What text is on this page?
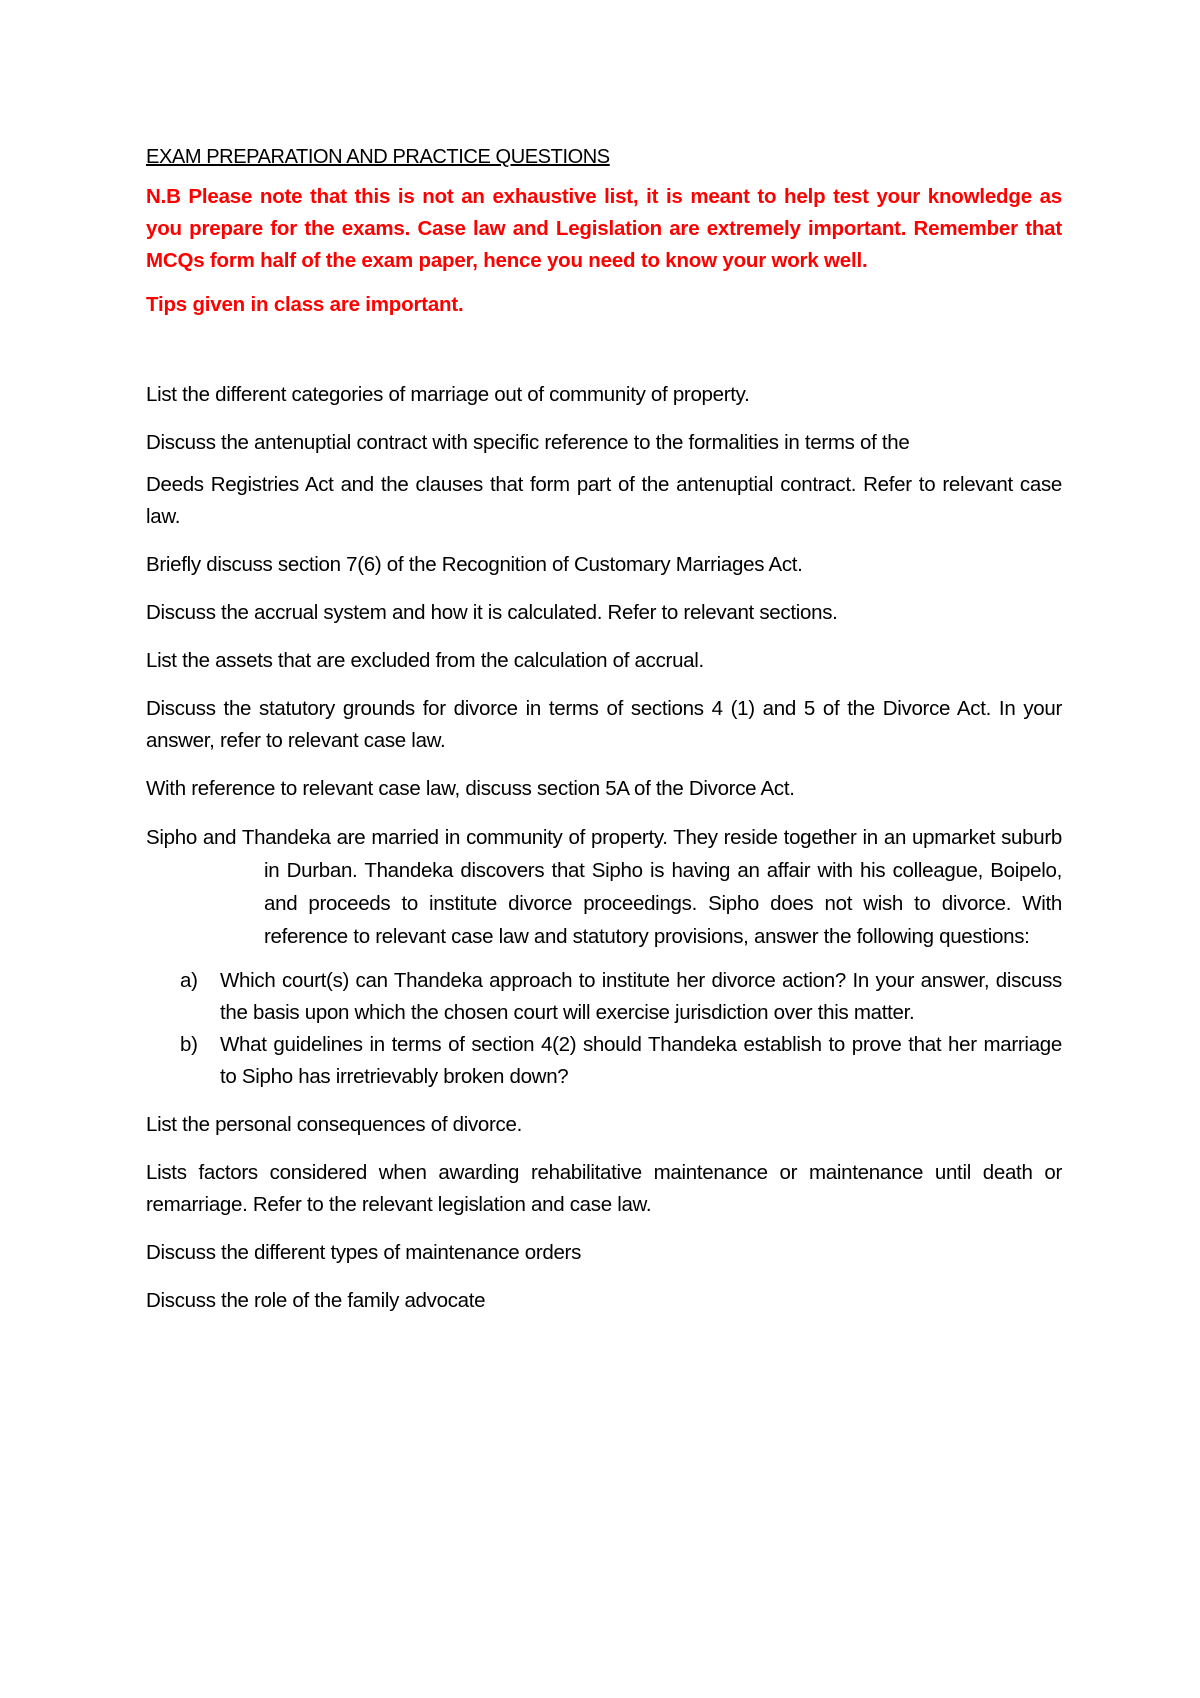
EXAM PREPARATION AND PRACTICE QUESTIONS

N.B Please note that this is not an exhaustive list, it is meant to help test your knowledge as you prepare for the exams. Case law and Legislation are extremely important. Remember that MCQs form half of the exam paper, hence you need to know your work well.

Tips given in class are important.

List the different categories of marriage out of community of property.

Discuss the antenuptial contract with specific reference to the formalities in terms of the

Deeds Registries Act and the clauses that form part of the antenuptial contract. Refer to relevant case law.

Briefly discuss section 7(6) of the Recognition of Customary Marriages Act.

Discuss the accrual system and how it is calculated. Refer to relevant sections.

List the assets that are excluded from the calculation of accrual.

Discuss the statutory grounds for divorce in terms of sections 4 (1) and 5 of the Divorce Act. In your answer, refer to relevant case law.

With reference to relevant case law, discuss section 5A of the Divorce Act.

Sipho and Thandeka are married in community of property. They reside together in an upmarket suburb in Durban. Thandeka discovers that Sipho is having an affair with his colleague, Boipelo, and proceeds to institute divorce proceedings. Sipho does not wish to divorce. With reference to relevant case law and statutory provisions, answer the following questions:

a) Which court(s) can Thandeka approach to institute her divorce action? In your answer, discuss the basis upon which the chosen court will exercise jurisdiction over this matter.
b) What guidelines in terms of section 4(2) should Thandeka establish to prove that her marriage to Sipho has irretrievably broken down?

List the personal consequences of divorce.

Lists factors considered when awarding rehabilitative maintenance or maintenance until death or remarriage. Refer to the relevant legislation and case law.

Discuss the different types of maintenance orders

Discuss the role of the family advocate
